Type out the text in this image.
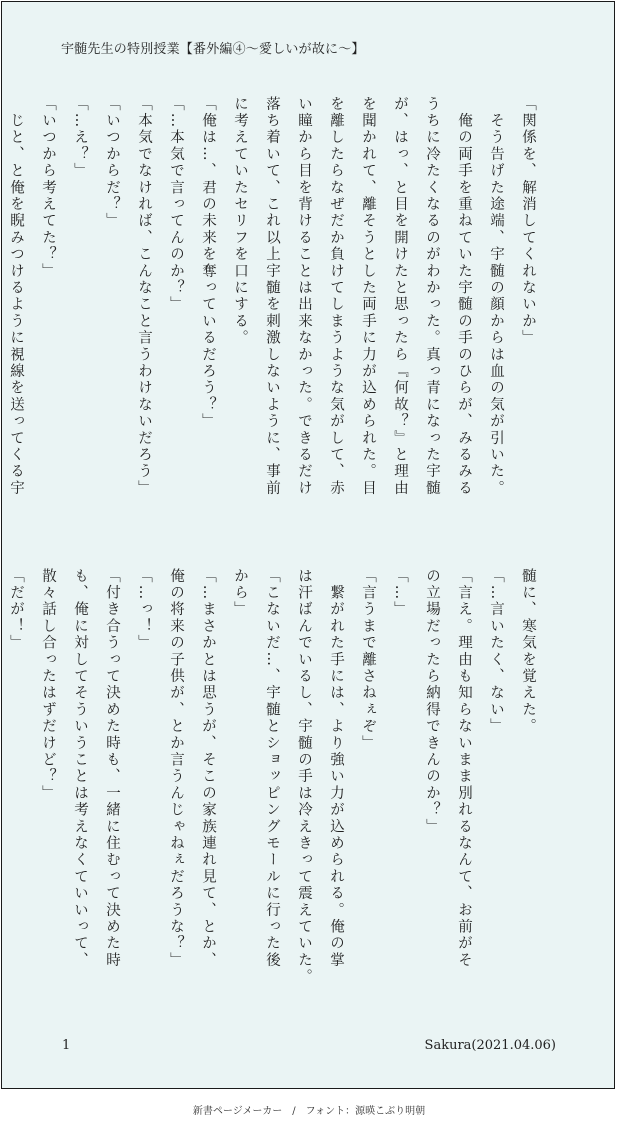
宇髄先生の特別授業【番外編④〜愛しいが故に〜】
「関係を、解消してくれないか」
　そう告げた途端、宇髄の顔からは血の気が引いた。
　俺の両手を重ねていた宇髄の手のひらが、みるみる
うちに冷たくなるのがわかった。真っ青になった宇髄
が、はっ、と目を開けたと思ったら『何故？』と理由
を聞かれて、離そうとした両手に力が込められた。目
を離したらなぜだか負けてしまうような気がして、赤
い瞳から目を背けることは出来なかった。できるだけ
落ち着いて、これ以上宇髄を刺激しないように、事前
に考えていたセリフを口にする。
「俺は…、君の未来を奪っているだろう？」
「…本気で言ってんのか？」
「本気でなければ、こんなこと言うわけないだろう」
「いつからだ？」
「…え？」
「いつから考えてた？」
　じと、と俺を睨みつけるように視線を送ってくる宇
髄に、寒気を覚えた。
「…言いたく、ない」
「言え。理由も知らないまま別れるなんて、お前がそ
の立場だったら納得できんのか？」
「…」
「言うまで離さねぇぞ」
　繋がれた手には、より強い力が込められる。俺の掌
は汗ばんでいるし、宇髄の手は冷えきって震えていた。
「こないだ…、宇髄とショッピングモールに行った後
から」
「…まさかとは思うが、そこの家族連れ見て、とか、
俺の将来の子供が、とか言うんじゃねぇだろうな？」
「…っ！」
「付き合うって決めた時も、一緒に住むって決めた時
も、俺に対してそういうことは考えなくていいって、
散々話し合ったはずだけど？」
「だが！」
1	Sakura(2021.04.06)
新書ページメーカー　/　フォント：源暎こぶり明朝
